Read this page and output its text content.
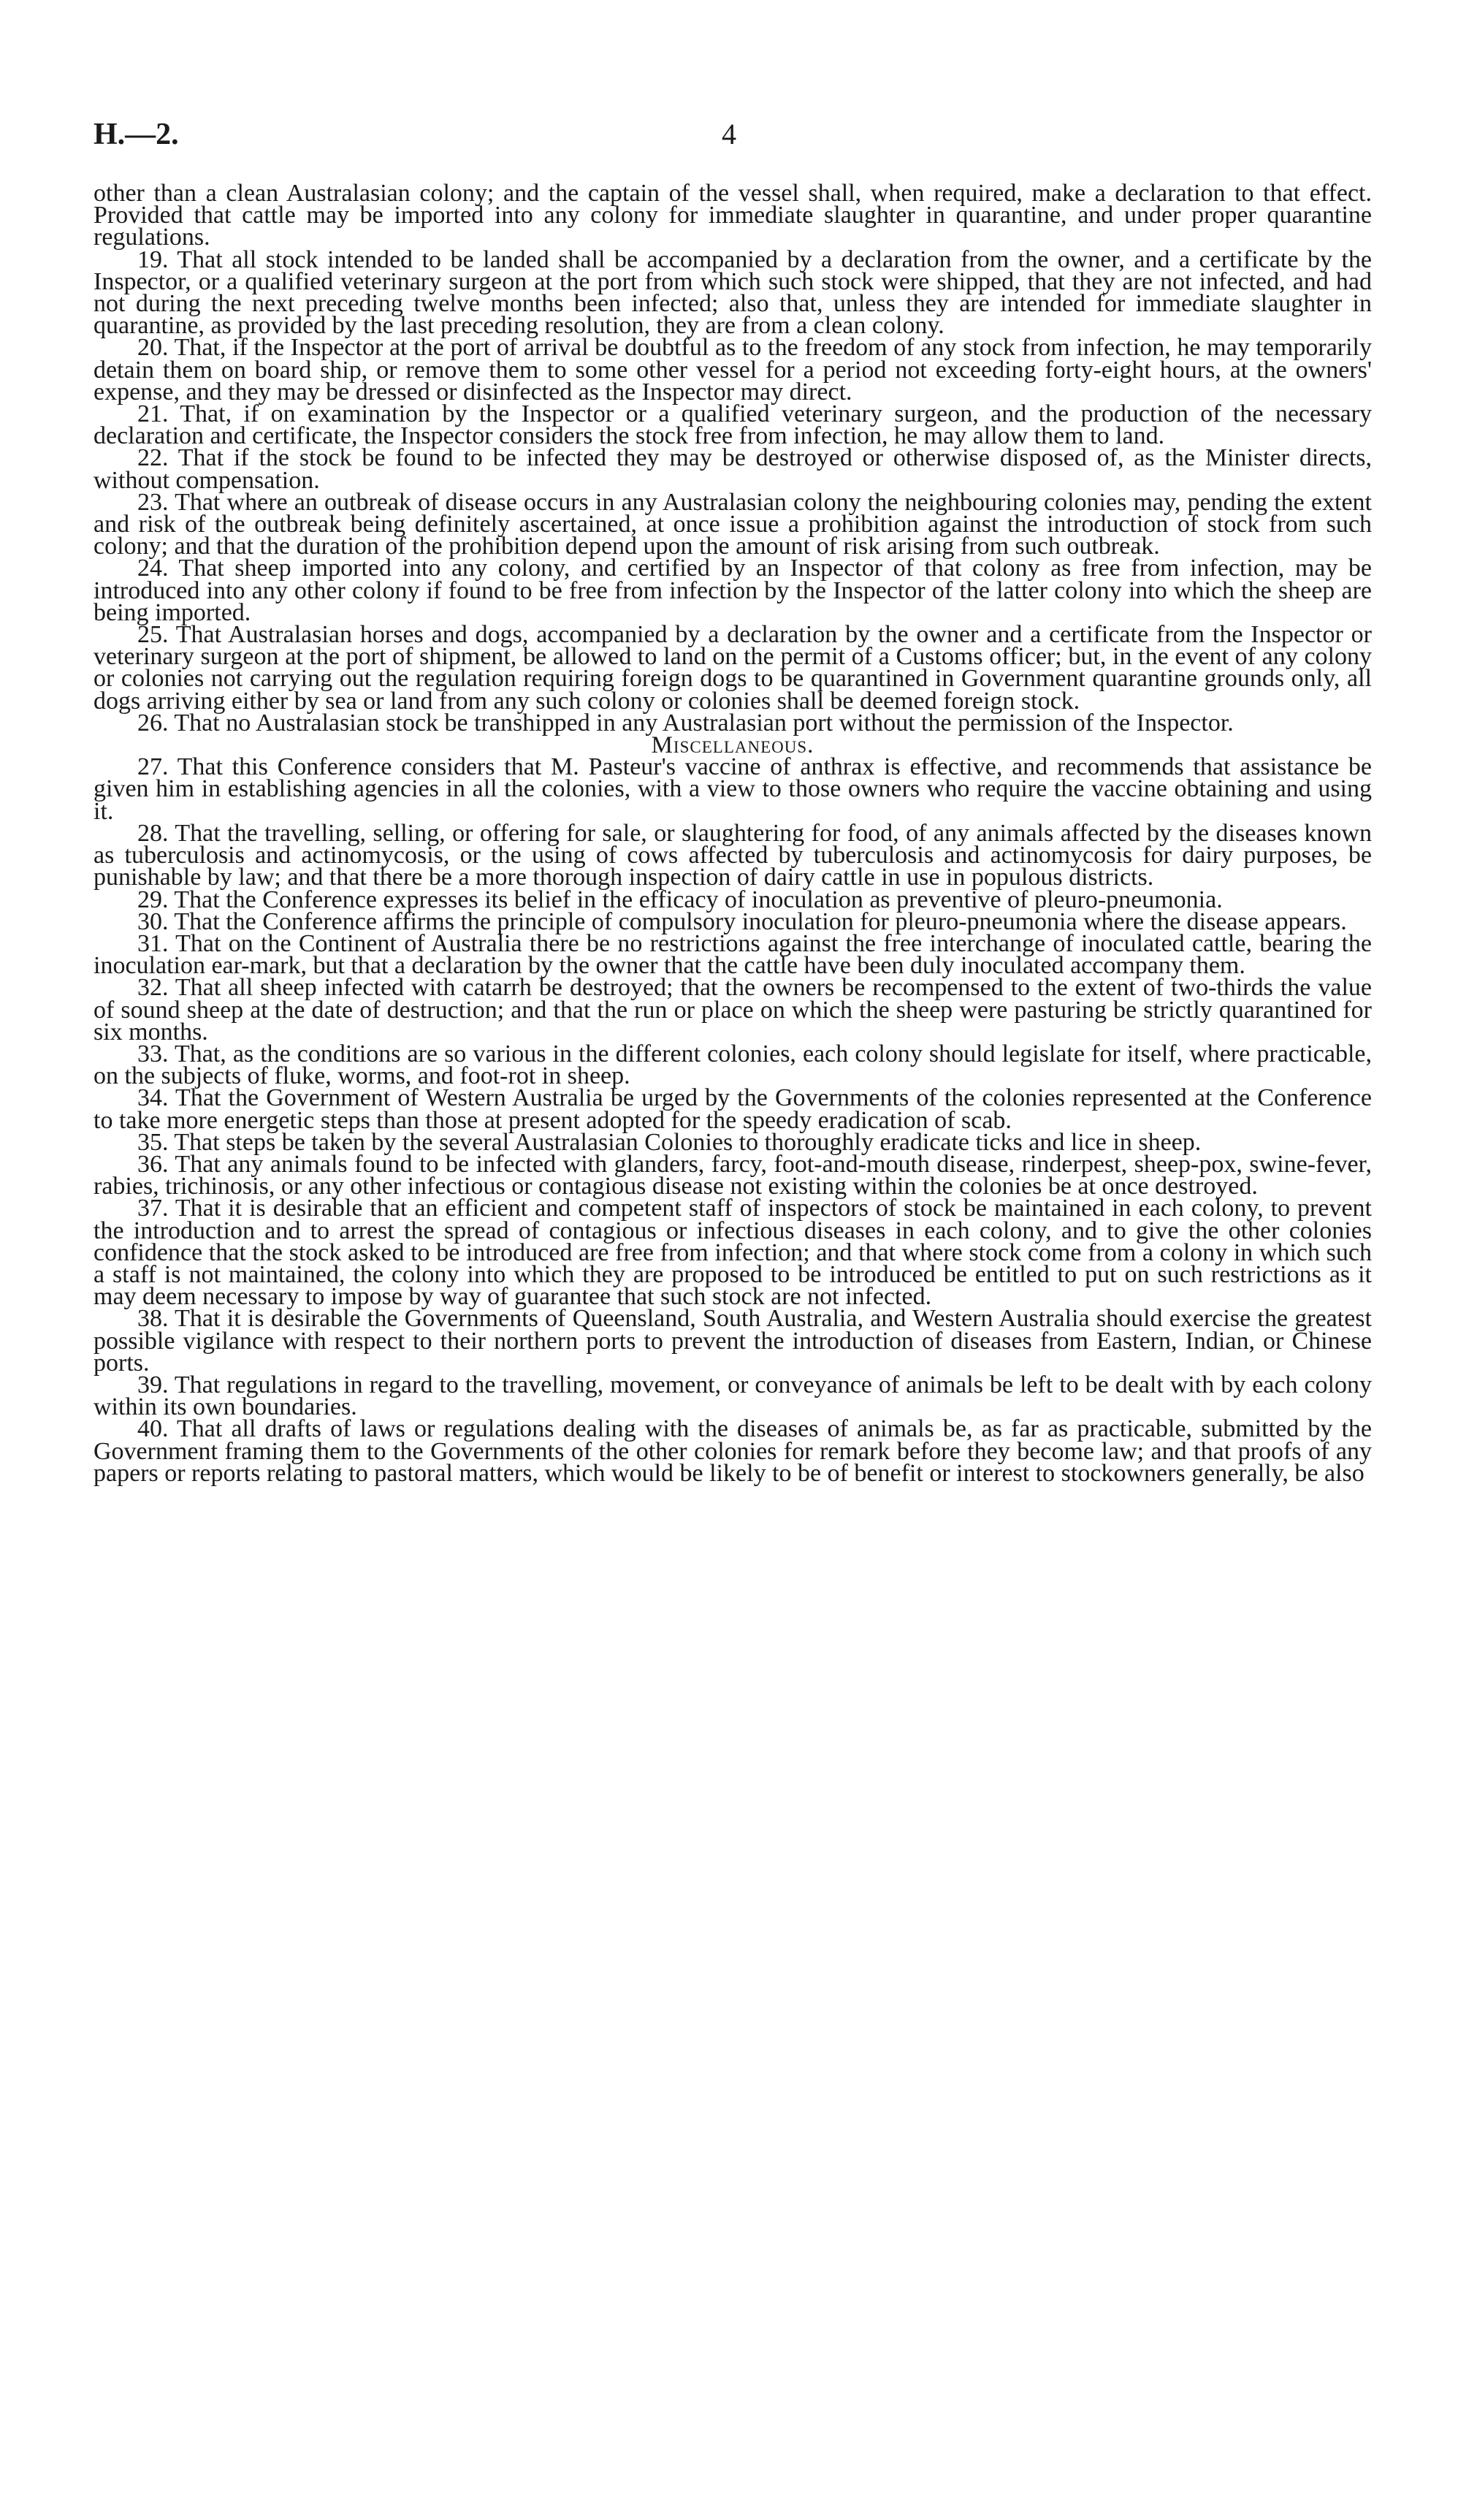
H.—2.	4

other than a clean Australasian colony; and the captain of the vessel shall, when required, make a declaration to that effect. Provided that cattle may be imported into any colony for immediate slaughter in quarantine, and under proper quarantine regulations.

19. That all stock intended to be landed shall be accompanied by a declaration from the owner, and a certificate by the Inspector, or a qualified veterinary surgeon at the port from which such stock were shipped, that they are not infected, and had not during the next preceding twelve months been infected; also that, unless they are intended for immediate slaughter in quarantine, as provided by the last preceding resolution, they are from a clean colony.

20. That, if the Inspector at the port of arrival be doubtful as to the freedom of any stock from infection, he may temporarily detain them on board ship, or remove them to some other vessel for a period not exceeding forty-eight hours, at the owners' expense, and they may be dressed or disinfected as the Inspector may direct.

21. That, if on examination by the Inspector or a qualified veterinary surgeon, and the production of the necessary declaration and certificate, the Inspector considers the stock free from infection, he may allow them to land.

22. That if the stock be found to be infected they may be destroyed or otherwise disposed of, as the Minister directs, without compensation.

23. That where an outbreak of disease occurs in any Australasian colony the neighbouring colonies may, pending the extent and risk of the outbreak being definitely ascertained, at once issue a prohibition against the introduction of stock from such colony; and that the duration of the prohibition depend upon the amount of risk arising from such outbreak.

24. That sheep imported into any colony, and certified by an Inspector of that colony as free from infection, may be introduced into any other colony if found to be free from infection by the Inspector of the latter colony into which the sheep are being imported.

25. That Australasian horses and dogs, accompanied by a declaration by the owner and a certificate from the Inspector or veterinary surgeon at the port of shipment, be allowed to land on the permit of a Customs officer; but, in the event of any colony or colonies not carrying out the regulation requiring foreign dogs to be quarantined in Government quarantine grounds only, all dogs arriving either by sea or land from any such colony or colonies shall be deemed foreign stock.

26. That no Australasian stock be transhipped in any Australasian port without the permission of the Inspector.

Miscellaneous.

27. That this Conference considers that M. Pasteur's vaccine of anthrax is effective, and recommends that assistance be given him in establishing agencies in all the colonies, with a view to those owners who require the vaccine obtaining and using it.

28. That the travelling, selling, or offering for sale, or slaughtering for food, of any animals affected by the diseases known as tuberculosis and actinomycosis, or the using of cows affected by tuberculosis and actinomycosis for dairy purposes, be punishable by law; and that there be a more thorough inspection of dairy cattle in use in populous districts.

29. That the Conference expresses its belief in the efficacy of inoculation as preventive of pleuro-pneumonia.

30. That the Conference affirms the principle of compulsory inoculation for pleuro-pneumonia where the disease appears.

31. That on the Continent of Australia there be no restrictions against the free interchange of inoculated cattle, bearing the inoculation ear-mark, but that a declaration by the owner that the cattle have been duly inoculated accompany them.

32. That all sheep infected with catarrh be destroyed; that the owners be recompensed to the extent of two-thirds the value of sound sheep at the date of destruction; and that the run or place on which the sheep were pasturing be strictly quarantined for six months.

33. That, as the conditions are so various in the different colonies, each colony should legislate for itself, where practicable, on the subjects of fluke, worms, and foot-rot in sheep.

34. That the Government of Western Australia be urged by the Governments of the colonies represented at the Conference to take more energetic steps than those at present adopted for the speedy eradication of scab.

35. That steps be taken by the several Australasian Colonies to thoroughly eradicate ticks and lice in sheep.

36. That any animals found to be infected with glanders, farcy, foot-and-mouth disease, rinderpest, sheep-pox, swine-fever, rabies, trichinosis, or any other infectious or contagious disease not existing within the colonies be at once destroyed.

37. That it is desirable that an efficient and competent staff of inspectors of stock be maintained in each colony, to prevent the introduction and to arrest the spread of contagious or infectious diseases in each colony, and to give the other colonies confidence that the stock asked to be introduced are free from infection; and that where stock come from a colony in which such a staff is not maintained, the colony into which they are proposed to be introduced be entitled to put on such restrictions as it may deem necessary to impose by way of guarantee that such stock are not infected.

38. That it is desirable the Governments of Queensland, South Australia, and Western Australia should exercise the greatest possible vigilance with respect to their northern ports to prevent the introduction of diseases from Eastern, Indian, or Chinese ports.

39. That regulations in regard to the travelling, movement, or conveyance of animals be left to be dealt with by each colony within its own boundaries.

40. That all drafts of laws or regulations dealing with the diseases of animals be, as far as practicable, submitted by the Government framing them to the Governments of the other colonies for remark before they become law; and that proofs of any papers or reports relating to pastoral matters, which would be likely to be of benefit or interest to stockowners generally, be also
